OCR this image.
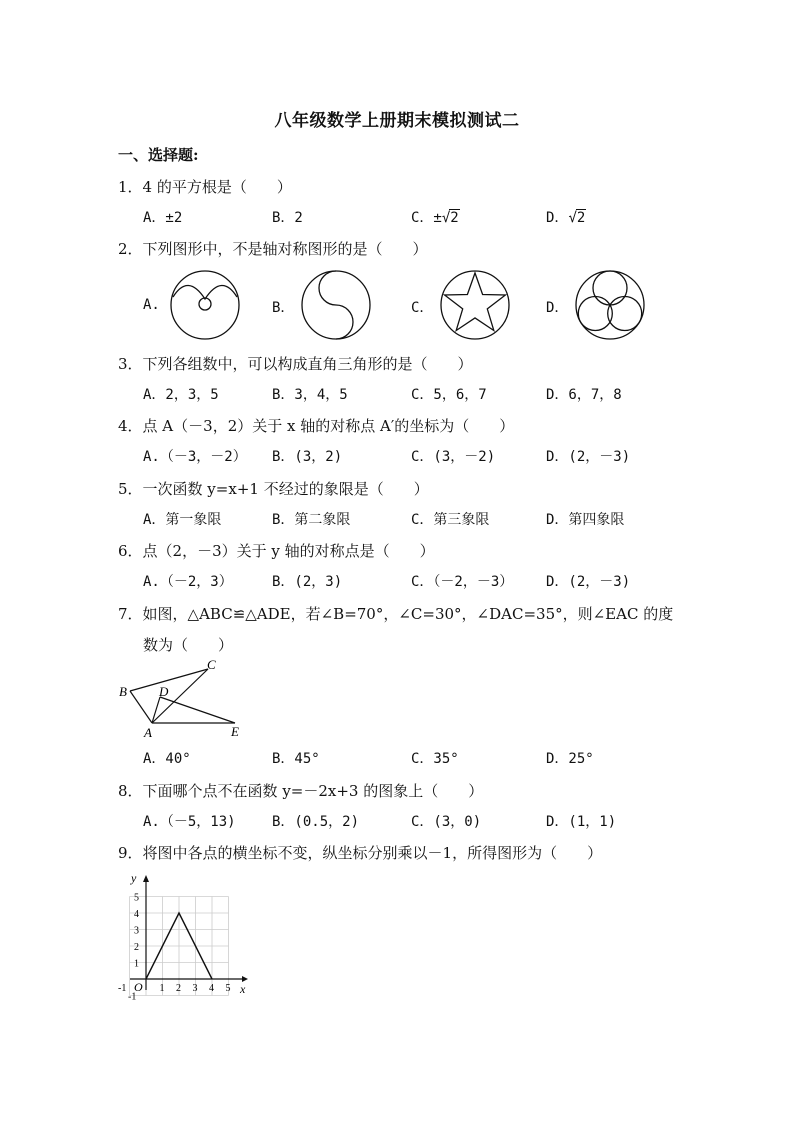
八年级数学上册期末模拟测试二
一、选择题:
1．4 的平方根是（　　）
A．±2	B．2	C．±√2	D．√2
2．下列图形中，不是轴对称图形的是（　　）
A.	B．	C．	D．
3．下列各组数中，可以构成直角三角形的是（　　）
A．2，3，5	B．3，4，5	C．5，6，7	D．6，7，8
4．点 A（－3，2）关于 x 轴的对称点 A′的坐标为（　　）
A.（－3，－2） B．(3，2)	C．(3，－2)	D．(2，－3)
5．一次函数 y=x+1 不经过的象限是（　　）
A．第一象限	B．第二象限	C．第三象限	D．第四象限
6．点（2，－3）关于 y 轴的对称点是（　　）
A.（－2，3）	B．(2，3)	C．（－2，－3） D．(2，－3)
7．如图，△ABC≌△ADE，若∠B=70°，∠C=30°，∠DAC=35°，则∠EAC 的度
数为（　　）
B
C
D
A	E
A．40°	B．45°	C．35°	D．25°
8．下面哪个点不在函数 y=－2x+3 的图象上（　　）
A.（－5，13)	B．(0.5，2)	C．(3，0)	D．(1，1)
9．将图中各点的横坐标不变，纵坐标分别乘以－1，所得图形为（　　）
5
4
3
2
1
-1
-1	1 2 3 4 5
y
x
O
